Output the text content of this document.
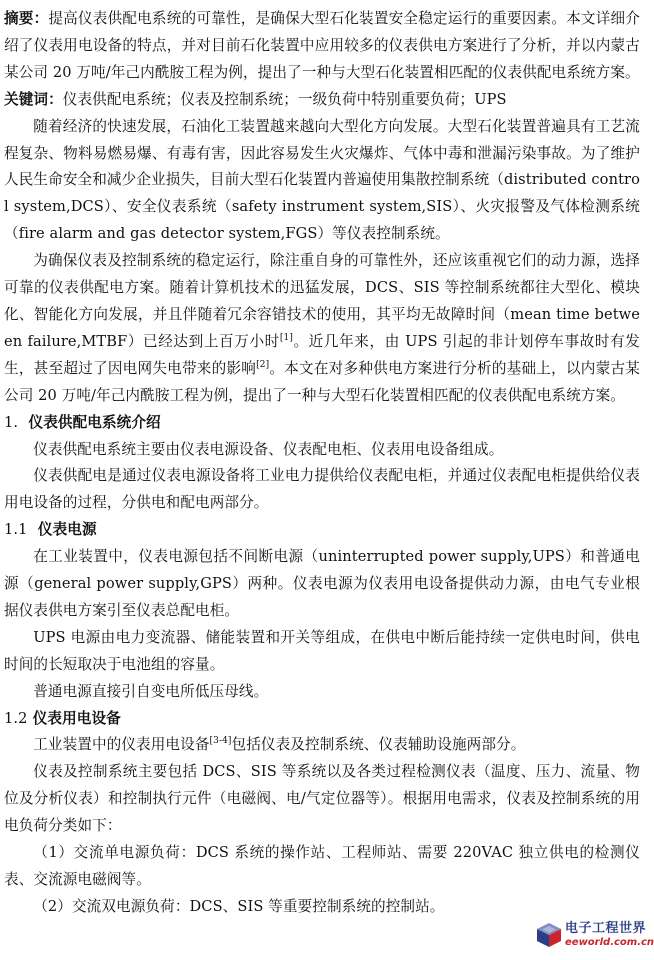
摘要：提高仪表供配电系统的可靠性，是确保大型石化装置安全稳定运行的重要因素。本文详细介绍了仪表用电设备的特点，并对目前石化装置中应用较多的仪表供电方案进行了分析，并以内蒙古某公司 20 万吨/年己内酰胺工程为例，提出了一种与大型石化装置相匹配的仪表供配电系统方案。

关键词：仪表供配电系统；仪表及控制系统；一级负荷中特别重要负荷；UPS

随着经济的快速发展，石油化工装置越来越向大型化方向发展。大型石化装置普遍具有工艺流程复杂、物料易燃易爆、有毒有害，因此容易发生火灾爆炸、气体中毒和泄漏污染事故。为了维护人民生命安全和减少企业损失，目前大型石化装置内普遍使用集散控制系统（distributed control system,DCS）、安全仪表系统（safety instrument system,SIS）、火灾报警及气体检测系统（fire alarm and gas detector system,FGS）等仪表控制系统。

为确保仪表及控制系统的稳定运行，除注重自身的可靠性外，还应该重视它们的动力源，选择可靠的仪表供配电方案。随着计算机技术的迅猛发展，DCS、SIS 等控制系统都往大型化、模块化、智能化方向发展，并且伴随着冗余容错技术的使用，其平均无故障时间（mean time between failure,MTBF）已经达到上百万小时[1]。近几年来，由 UPS 引起的非计划停车事故时有发生，甚至超过了因电网失电带来的影响[2]。本文在对多种供电方案进行分析的基础上，以内蒙古某公司 20 万吨/年己内酰胺工程为例，提出了一种与大型石化装置相匹配的仪表供配电系统方案。

1. 仪表供配电系统介绍

仪表供配电系统主要由仪表电源设备、仪表配电柜、仪表用电设备组成。

仪表供配电是通过仪表电源设备将工业电力提供给仪表配电柜，并通过仪表配电柜提供给仪表用电设备的过程，分供电和配电两部分。

1.1 仪表电源

在工业装置中，仪表电源包括不间断电源（uninterrupted power supply,UPS）和普通电源（general power supply,GPS）两种。仪表电源为仪表用电设备提供动力源，由电气专业根据仪表供电方案引至仪表总配电柜。

UPS 电源由电力变流器、储能装置和开关等组成，在供电中断后能持续一定供电时间，供电时间的长短取决于电池组的容量。

普通电源直接引自变电所低压母线。

1.2 仪表用电设备

工业装置中的仪表用电设备[3-4]包括仪表及控制系统、仪表辅助设施两部分。

仪表及控制系统主要包括 DCS、SIS 等系统以及各类过程检测仪表（温度、压力、流量、物位及分析仪表）和控制执行元件（电磁阀、电/气定位器等）。根据用电需求，仪表及控制系统的用电负荷分类如下：

（1）交流单电源负荷：DCS 系统的操作站、工程师站、需要 220VAC 独立供电的检测仪表、交流源电磁阀等。

（2）交流双电源负荷：DCS、SIS 等重要控制系统的控制站。

电子工程世界
eeworld.com.cn
